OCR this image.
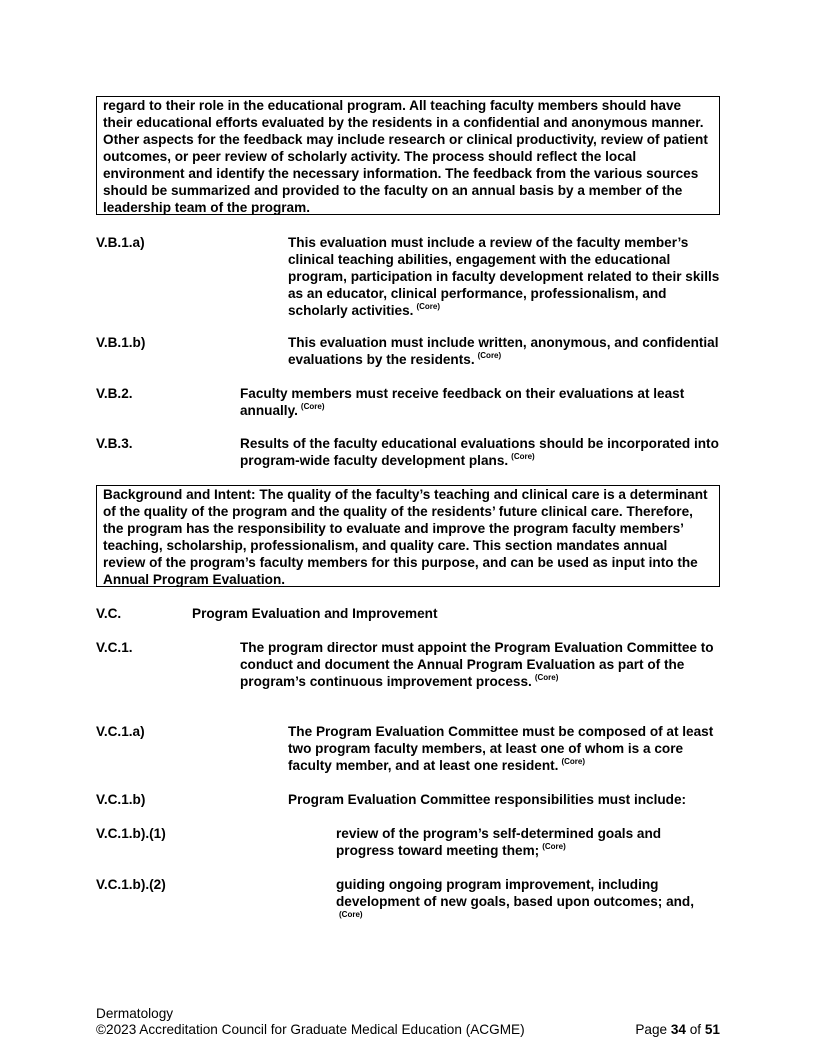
regard to their role in the educational program. All teaching faculty members should have their educational efforts evaluated by the residents in a confidential and anonymous manner. Other aspects for the feedback may include research or clinical productivity, review of patient outcomes, or peer review of scholarly activity. The process should reflect the local environment and identify the necessary information. The feedback from the various sources should be summarized and provided to the faculty on an annual basis by a member of the leadership team of the program.

V.B.1.a)	This evaluation must include a review of the faculty member’s clinical teaching abilities, engagement with the educational program, participation in faculty development related to their skills as an educator, clinical performance, professionalism, and scholarly activities. $^{(Core)}$
V.B.1.b)	This evaluation must include written, anonymous, and confidential evaluations by the residents. $^{(Core)}$
V.B.2.	Faculty members must receive feedback on their evaluations at least annually. $^{(Core)}$
V.B.3.	Results of the faculty educational evaluations should be incorporated into program-wide faculty development plans. $^{(Core)}$

Background and Intent: The quality of the faculty’s teaching and clinical care is a determinant of the quality of the program and the quality of the residents’ future clinical care. Therefore, the program has the responsibility to evaluate and improve the program faculty members’ teaching, scholarship, professionalism, and quality care. This section mandates annual review of the program’s faculty members for this purpose, and can be used as input into the Annual Program Evaluation.

V.C.	Program Evaluation and Improvement
V.C.1.	The program director must appoint the Program Evaluation Committee to conduct and document the Annual Program Evaluation as part of the program’s continuous improvement process. $^{(Core)}$
V.C.1.a)	The Program Evaluation Committee must be composed of at least two program faculty members, at least one of whom is a core faculty member, and at least one resident. $^{(Core)}$
V.C.1.b)	Program Evaluation Committee responsibilities must include:
V.C.1.b).(1)	review of the program’s self-determined goals and progress toward meeting them; $^{(Core)}$
V.C.1.b).(2)	guiding ongoing program improvement, including development of new goals, based upon outcomes; and,$^{(Core)}$
Dermatology
©2023 Accreditation Council for Graduate Medical Education (ACGME)	Page 34 of 51
